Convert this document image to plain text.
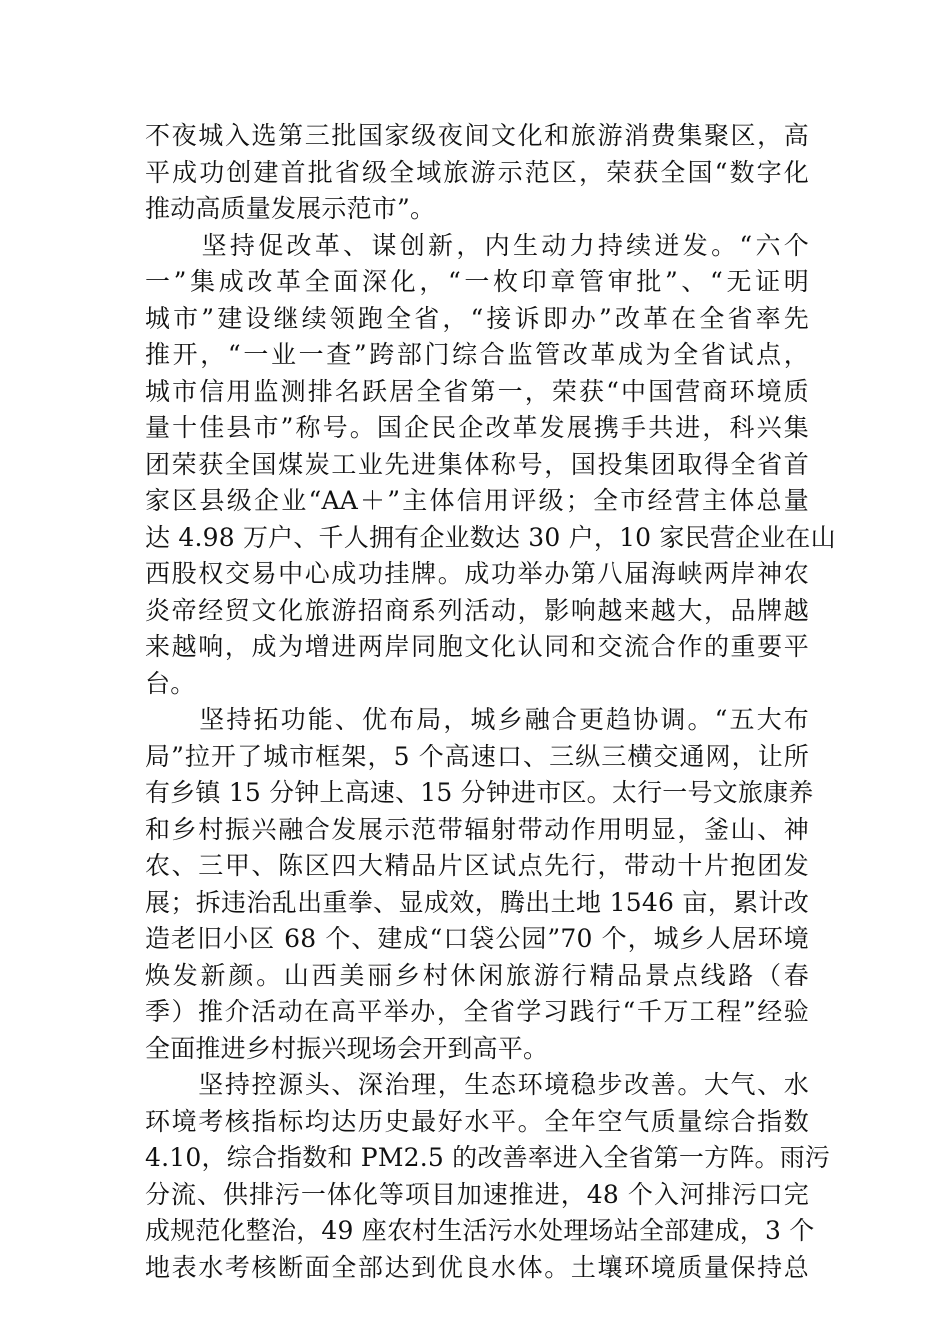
不夜城入选第三批国家级夜间文化和旅游消费集聚区，高
平成功创建首批省级全域旅游示范区，荣获全国“数字化
推动高质量发展示范市”。
　　坚持促改革、谋创新，内生动力持续迸发。“六个
一”集成改革全面深化，“一枚印章管审批”、“无证明
城市”建设继续领跑全省，“接诉即办”改革在全省率先
推开，“一业一查”跨部门综合监管改革成为全省试点，
城市信用监测排名跃居全省第一，荣获“中国营商环境质
量十佳县市”称号。国企民企改革发展携手共进，科兴集
团荣获全国煤炭工业先进集体称号，国投集团取得全省首
家区县级企业“AA＋”主体信用评级；全市经营主体总量
达 4.98 万户、千人拥有企业数达 30 户，10 家民营企业在山
西股权交易中心成功挂牌。成功举办第八届海峡两岸神农
炎帝经贸文化旅游招商系列活动，影响越来越大，品牌越
来越响，成为增进两岸同胞文化认同和交流合作的重要平
台。
　　坚持拓功能、优布局，城乡融合更趋协调。“五大布
局”拉开了城市框架，5 个高速口、三纵三横交通网，让所
有乡镇 15 分钟上高速、15 分钟进市区。太行一号文旅康养
和乡村振兴融合发展示范带辐射带动作用明显，釜山、神
农、三甲、陈区四大精品片区试点先行，带动十片抱团发
展；拆违治乱出重拳、显成效，腾出土地 1546 亩，累计改
造老旧小区 68 个、建成“口袋公园”70 个，城乡人居环境
焕发新颜。山西美丽乡村休闲旅游行精品景点线路（春
季）推介活动在高平举办，全省学习践行“千万工程”经验
全面推进乡村振兴现场会开到高平。
　　坚持控源头、深治理，生态环境稳步改善。大气、水
环境考核指标均达历史最好水平。全年空气质量综合指数
4.10，综合指数和 PM2.5 的改善率进入全省第一方阵。雨污
分流、供排污一体化等项目加速推进，48 个入河排污口完
成规范化整治，49 座农村生活污水处理场站全部建成，3 个
地表水考核断面全部达到优良水体。土壤环境质量保持总
